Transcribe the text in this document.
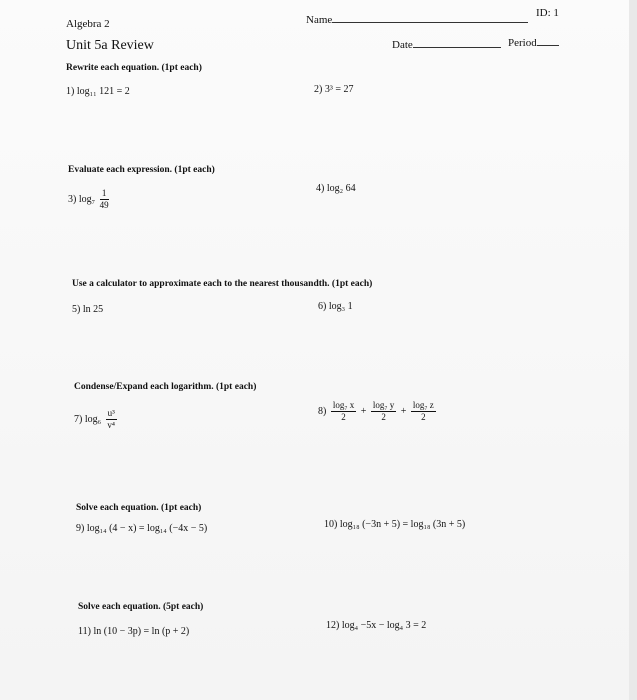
Algebra 2	Name
ID: 1
Unit 5a Review	Date	Period
Rewrite each equation. (1pt each)
1) log₁₁ 121 = 2	2) 3³ = 27
Evaluate each expression. (1pt each)
3) $\log_7 \frac{1}{49}$	4) log₂ 64
Use a calculator to approximate each to the nearest thousandth. (1pt each)
5) ln 25	6) log₃ 1
Condense/Expand each logarithm. (1pt each)
7) $\log_6 \frac{\text{u³}}{\text{v⁴}}$	$8) \frac{\text{log₇ x}}{2} + \frac{\text{log₇ y}}{2} + \frac{\text{log₇ z}}{2}$
Solve each equation. (1pt each)
9) log₁₄ (4 − x) = log₁₄ (−4x − 5)	10) log₁₈ (−3n + 5) = log₁₈ (3n + 5)
Solve each equation. (5pt each)
11) ln (10 − 3p) = ln (p + 2)
12) log₄ −5x − log₄ 3 = 2
